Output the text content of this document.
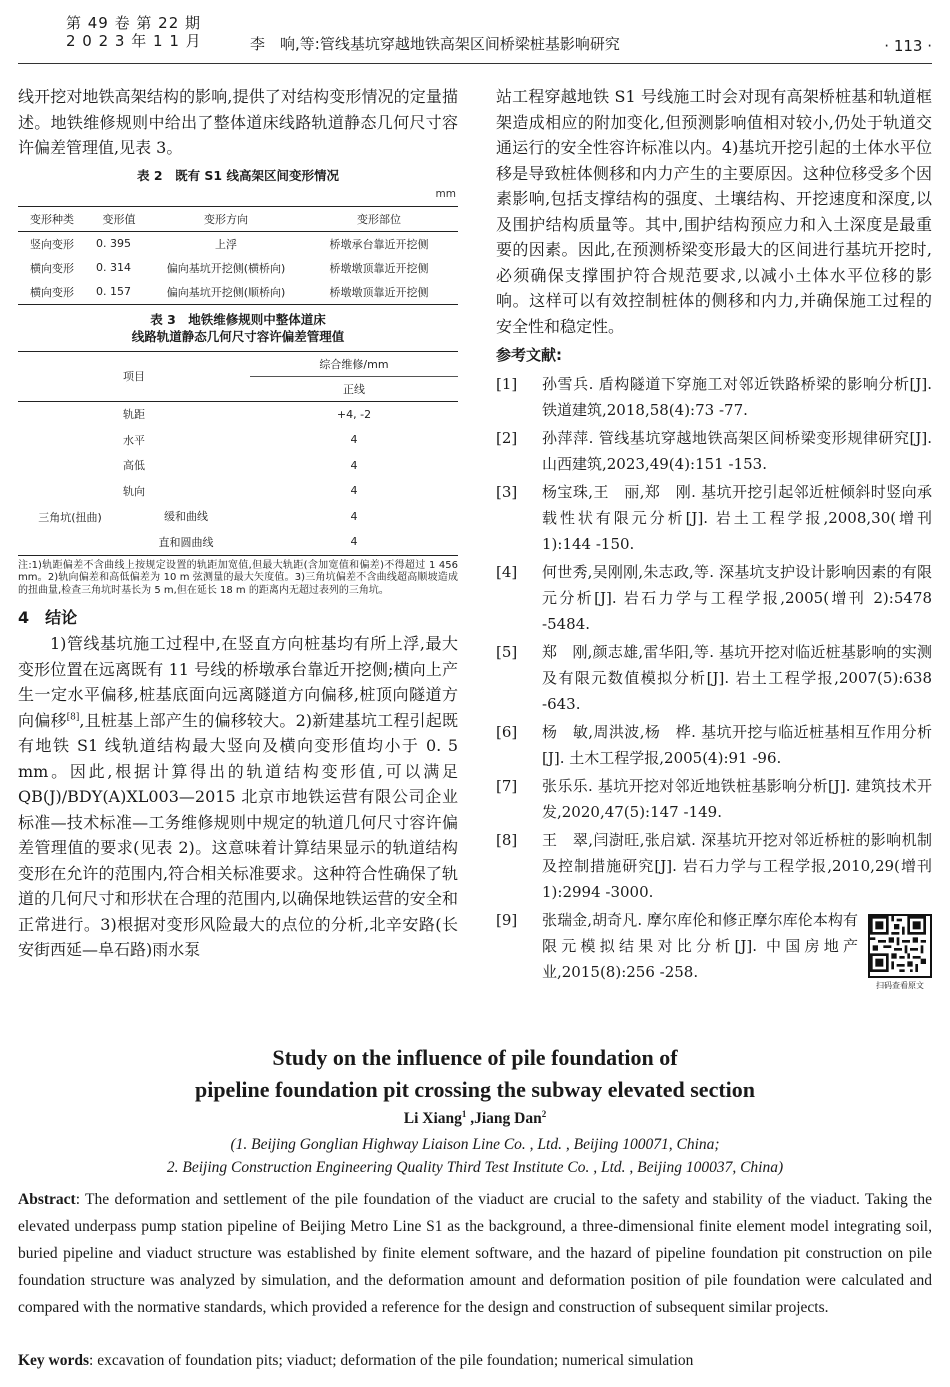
第 49 卷 第 22 期
2 0 2 3 年 1 1 月	李　响,等:管线基坑穿越地铁高架区间桥梁桩基影响研究	· 113 ·

线开挖对地铁高架结构的影响,提供了对结构变形情况的定量描述。地铁维修规则中给出了整体道床线路轨道静态几何尺寸容许偏差管理值,见表 3。

表 2　既有 S1 线高架区间变形情况

mm
变形种类	变形值	变形方向	变形部位
竖向变形	0. 395	上浮	桥墩承台靠近开挖侧
横向变形	0. 314	偏向基坑开挖侧(横桥向)	桥墩墩顶靠近开挖侧
横向变形	0. 157	偏向基坑开挖侧(顺桥向)	桥墩墩顶靠近开挖侧

表 3　地铁维修规则中整体道床

线路轨道静态几何尺寸容许偏差管理值

项目		综合维修/mm
		正线
轨距		+4, -2
水平		4
高低		4
轨向		4
三角坑(扭曲)	缓和曲线	4
	直和圆曲线	4

注:1)轨距偏差不含曲线上按规定设置的轨距加宽值,但最大轨距(含加宽值和偏差)不得超过 1 456 mm。2)轨向偏差和高低偏差为 10 m 弦测量的最大矢度值。3)三角坑偏差不含曲线超高顺坡造成的扭曲量,检查三角坑时基长为 5 m,但在延长 18 m 的距离内无超过表列的三角坑。

4　结论

1)管线基坑施工过程中,在竖直方向桩基均有所上浮,最大变形位置在远离既有 11 号线的桥墩承台靠近开挖侧;横向上产生一定水平偏移,桩基底面向远离隧道方向偏移,桩顶向隧道方向偏移[8],且桩基上部产生的偏移较大。2)新建基坑工程引起既有地铁 S1 线轨道结构最大竖向及横向变形值均小于 0. 5 mm。因此,根据计算得出的轨道结构变形值,可以满足 QB(J)/BDY(A)XL003—2015 北京市地铁运营有限公司企业标准—技术标准—工务维修规则中规定的轨道几何尺寸容许偏差管理值的要求(见表 2)。这意味着计算结果显示的轨道结构变形在允许的范围内,符合相关标准要求。这种符合性确保了轨道的几何尺寸和形状在合理的范围内,以确保地铁运营的安全和正常进行。3)根据对变形风险最大的点位的分析,北辛安路(长安街西延—阜石路)雨水泵

站工程穿越地铁 S1 号线施工时会对现有高架桥桩基和轨道框架造成相应的附加变化,但预测影响值相对较小,仍处于轨道交通运行的安全性容许标准以内。4)基坑开挖引起的土体水平位移是导致桩体侧移和内力产生的主要原因。这种位移受多个因素影响,包括支撑结构的强度、土壤结构、开挖速度和深度,以及围护结构质量等。其中,围护结构预应力和入土深度是最重要的因素。因此,在预测桥梁变形最大的区间进行基坑开挖时,必须确保支撑围护符合规范要求,以减小土体水平位移的影响。这样可以有效控制桩体的侧移和内力,并确保施工过程的安全性和稳定性。

参考文献:
[1] 孙雪兵. 盾构隧道下穿施工对邻近铁路桥梁的影响分析[J]. 铁道建筑,2018,58(4):73 -77.
[2] 孙萍萍. 管线基坑穿越地铁高架区间桥梁变形规律研究[J]. 山西建筑,2023,49(4):151 -153.
[3] 杨宝珠,王　丽,郑　刚. 基坑开挖引起邻近桩倾斜时竖向承载性状有限元分析[J]. 岩土工程学报,2008,30(增刊 1):144 -150.
[4] 何世秀,吴刚刚,朱志政,等. 深基坑支护设计影响因素的有限元分析[J]. 岩石力学与工程学报,2005(增刊 2):5478 -5484.
[5] 郑　刚,颜志雄,雷华阳,等. 基坑开挖对临近桩基影响的实测及有限元数值模拟分析[J]. 岩土工程学报,2007(5):638 -643.
[6] 杨　敏,周洪波,杨　桦. 基坑开挖与临近桩基相互作用分析[J]. 土木工程学报,2005(4):91 -96.
[7] 张乐乐. 基坑开挖对邻近地铁桩基影响分析[J]. 建筑技术开发,2020,47(5):147 -149.
[8] 王　翠,闫澍旺,张启斌. 深基坑开挖对邻近桥桩的影响机制及控制措施研究[J]. 岩石力学与工程学报,2010,29(增刊 1):2994 -3000.
[9] 张瑞金,胡奇凡. 摩尔库伦和修正摩尔库伦本构有限元模拟结果对比分析[J]. 中国房地产业,2015(8):256 -258.
扫码查看原文
Study on the influence of pile foundation of
pipeline foundation pit crossing the subway elevated section
Li Xiang$^1$ ,Jiang Dan$^2$

(1. Beijing Gonglian Highway Liaison Line Co. , Ltd. , Beijing 100071, China;

2. Beijing Construction Engineering Quality Third Test Institute Co. , Ltd. , Beijing 100037, China)

Abstract: The deformation and settlement of the pile foundation of the viaduct are crucial to the safety and stability of the viaduct. Taking the elevated underpass pump station pipeline of Beijing Metro Line S1 as the background, a three-dimensional finite element model integrating soil, buried pipeline and viaduct structure was established by finite element software, and the hazard of pipeline foundation pit construction on pile foundation structure was analyzed by simulation, and the deformation amount and deformation position of pile foundation were calculated and compared with the normative standards, which provided a reference for the design and construction of subsequent similar projects.

Key words: excavation of foundation pits; viaduct; deformation of the pile foundation; numerical simulation
